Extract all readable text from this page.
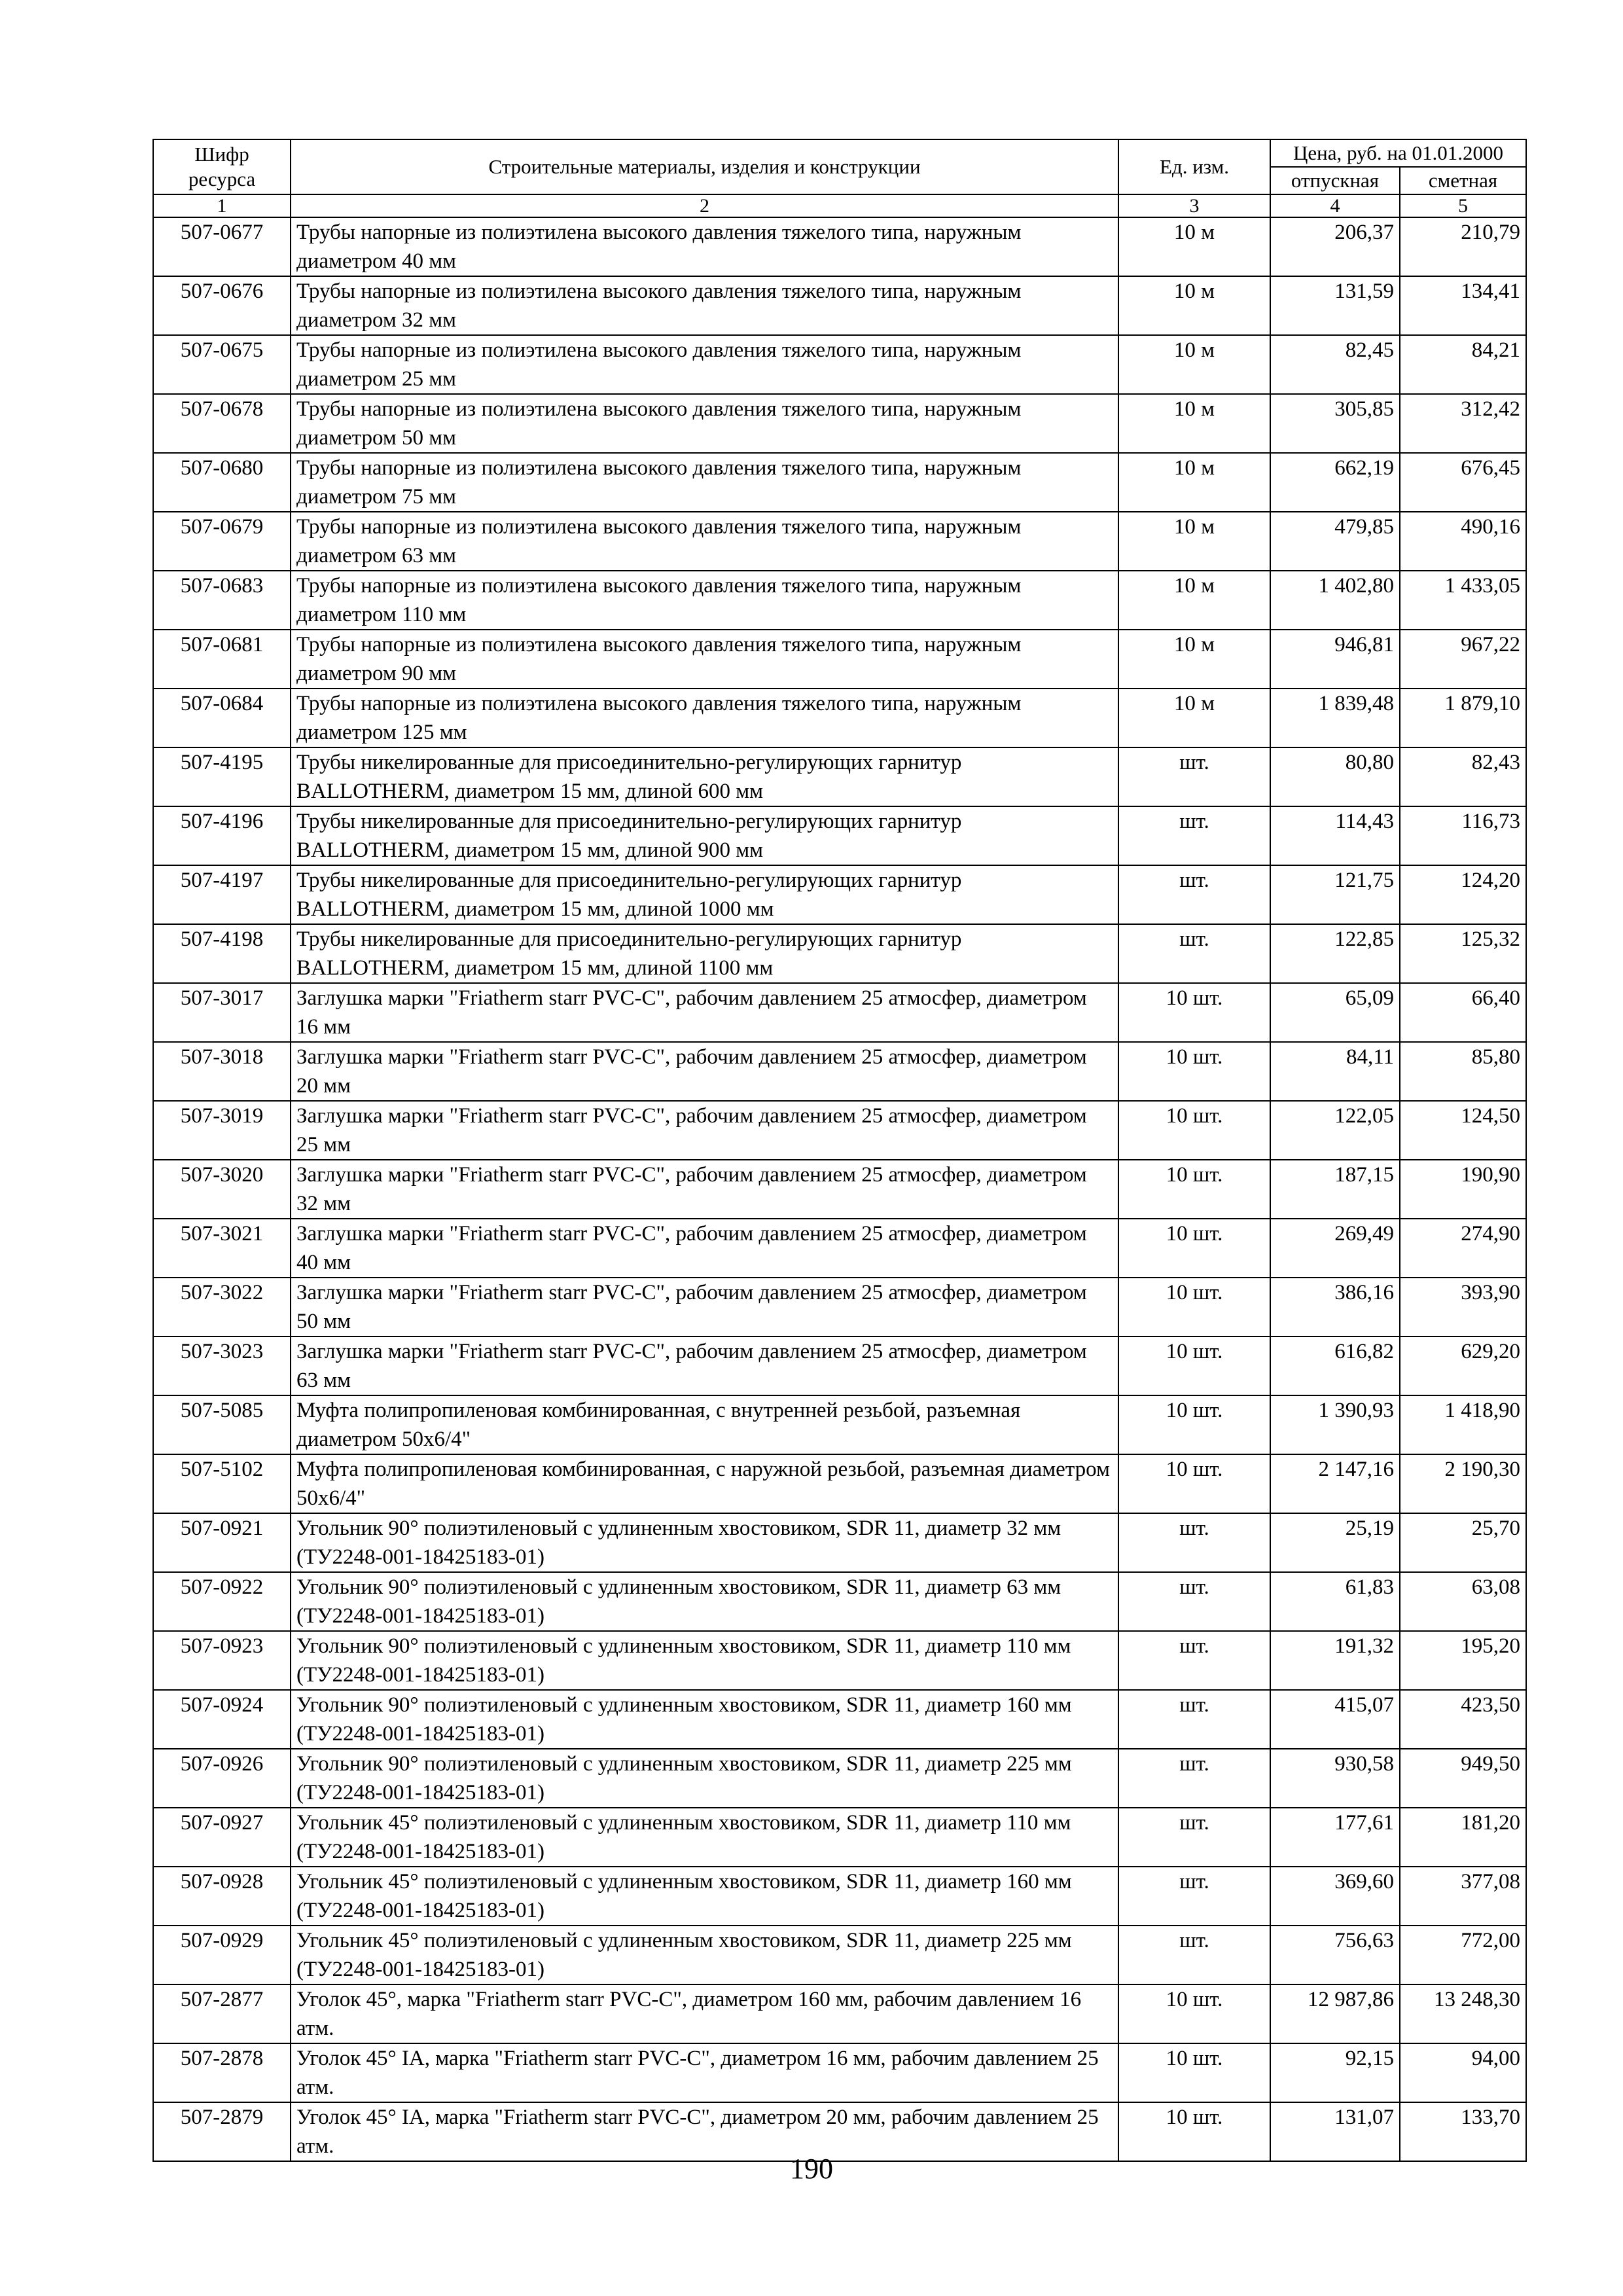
Шифр ресурса	Строительные материалы, изделия и конструкции	Ед. изм.	Цена, руб. на 01.01.2000	
			отпускная	сметная
1	2	3	4	5
507-0677	Трубы напорные из полиэтилена высокого давления тяжелого типа, наружным диаметром 40 мм	10 м	206,37	210,79
507-0676	Трубы напорные из полиэтилена высокого давления тяжелого типа, наружным диаметром 32 мм	10 м	131,59	134,41
507-0675	Трубы напорные из полиэтилена высокого давления тяжелого типа, наружным диаметром 25 мм	10 м	82,45	84,21
507-0678	Трубы напорные из полиэтилена высокого давления тяжелого типа, наружным диаметром 50 мм	10 м	305,85	312,42
507-0680	Трубы напорные из полиэтилена высокого давления тяжелого типа, наружным диаметром 75 мм	10 м	662,19	676,45
507-0679	Трубы напорные из полиэтилена высокого давления тяжелого типа, наружным диаметром 63 мм	10 м	479,85	490,16
507-0683	Трубы напорные из полиэтилена высокого давления тяжелого типа, наружным диаметром 110 мм	10 м	1 402,80	1 433,05
507-0681	Трубы напорные из полиэтилена высокого давления тяжелого типа, наружным диаметром 90 мм	10 м	946,81	967,22
507-0684	Трубы напорные из полиэтилена высокого давления тяжелого типа, наружным диаметром 125 мм	10 м	1 839,48	1 879,10
507-4195	Трубы никелированные для присоединительно-регулирующих гарнитур BALLOTHERM, диаметром 15 мм, длиной 600 мм	шт.	80,80	82,43
507-4196	Трубы никелированные для присоединительно-регулирующих гарнитур BALLOTHERM, диаметром 15 мм, длиной 900 мм	шт.	114,43	116,73
507-4197	Трубы никелированные для присоединительно-регулирующих гарнитур BALLOTHERM, диаметром 15 мм, длиной 1000 мм	шт.	121,75	124,20
507-4198	Трубы никелированные для присоединительно-регулирующих гарнитур BALLOTHERM, диаметром 15 мм, длиной 1100 мм	шт.	122,85	125,32
507-3017	Заглушка марки "Friatherm starr PVC-C", рабочим давлением 25 атмосфер, диаметром 16 мм	10 шт.	65,09	66,40
507-3018	Заглушка марки "Friatherm starr PVC-C", рабочим давлением 25 атмосфер, диаметром 20 мм	10 шт.	84,11	85,80
507-3019	Заглушка марки "Friatherm starr PVC-C", рабочим давлением 25 атмосфер, диаметром 25 мм	10 шт.	122,05	124,50
507-3020	Заглушка марки "Friatherm starr PVC-C", рабочим давлением 25 атмосфер, диаметром 32 мм	10 шт.	187,15	190,90
507-3021	Заглушка марки "Friatherm starr PVC-C", рабочим давлением 25 атмосфер, диаметром 40 мм	10 шт.	269,49	274,90
507-3022	Заглушка марки "Friatherm starr PVC-C", рабочим давлением 25 атмосфер, диаметром 50 мм	10 шт.	386,16	393,90
507-3023	Заглушка марки "Friatherm starr PVC-C", рабочим давлением 25 атмосфер, диаметром 63 мм	10 шт.	616,82	629,20
507-5085	Муфта полипропиленовая комбинированная, с внутренней резьбой, разъемная диаметром 50х6/4"	10 шт.	1 390,93	1 418,90
507-5102	Муфта полипропиленовая комбинированная, с наружной резьбой, разъемная диаметром 50х6/4"	10 шт.	2 147,16	2 190,30
507-0921	Угольник 90° полиэтиленовый с удлиненным хвостовиком, SDR 11, диаметр 32 мм (ТУ2248-001-18425183-01)	шт.	25,19	25,70
507-0922	Угольник 90° полиэтиленовый с удлиненным хвостовиком, SDR 11, диаметр 63 мм (ТУ2248-001-18425183-01)	шт.	61,83	63,08
507-0923	Угольник 90° полиэтиленовый с удлиненным хвостовиком, SDR 11, диаметр 110 мм (ТУ2248-001-18425183-01)	шт.	191,32	195,20
507-0924	Угольник 90° полиэтиленовый с удлиненным хвостовиком, SDR 11, диаметр 160 мм (ТУ2248-001-18425183-01)	шт.	415,07	423,50
507-0926	Угольник 90° полиэтиленовый с удлиненным хвостовиком, SDR 11, диаметр 225 мм (ТУ2248-001-18425183-01)	шт.	930,58	949,50
507-0927	Угольник 45° полиэтиленовый с удлиненным хвостовиком, SDR 11, диаметр 110 мм (ТУ2248-001-18425183-01)	шт.	177,61	181,20
507-0928	Угольник 45° полиэтиленовый с удлиненным хвостовиком, SDR 11, диаметр 160 мм (ТУ2248-001-18425183-01)	шт.	369,60	377,08
507-0929	Угольник 45° полиэтиленовый с удлиненным хвостовиком, SDR 11, диаметр 225 мм (ТУ2248-001-18425183-01)	шт.	756,63	772,00
507-2877	Уголок 45°, марка "Friatherm starr PVC-C", диаметром 160 мм, рабочим давлением 16 атм.	10 шт.	12 987,86	13 248,30
507-2878	Уголок 45° IA, марка "Friatherm starr PVC-C", диаметром 16 мм, рабочим давлением 25 атм.	10 шт.	92,15	94,00
507-2879	Уголок 45° IA, марка "Friatherm starr PVC-C", диаметром 20 мм, рабочим давлением 25 атм.	10 шт.	131,07	133,70
190
